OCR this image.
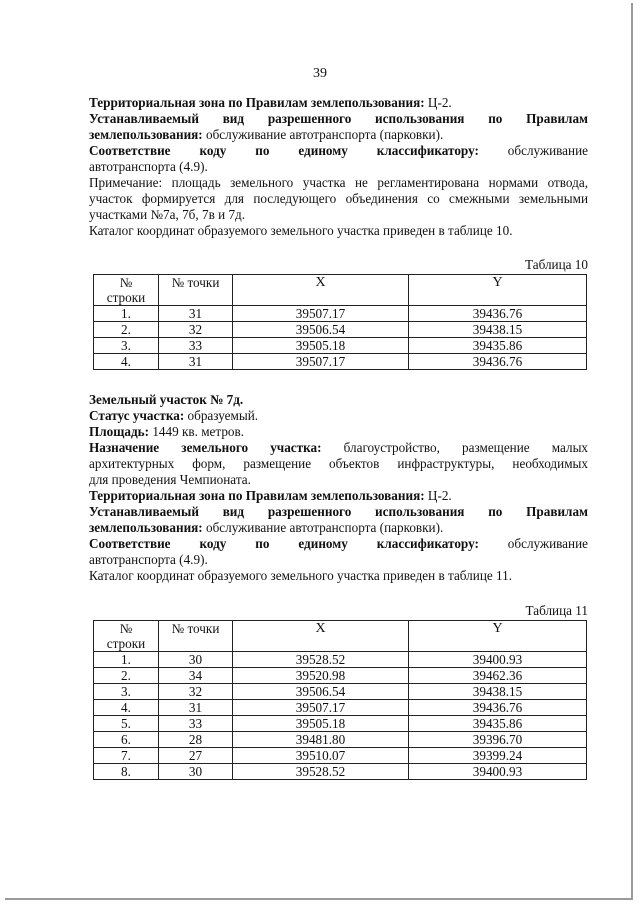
39

Территориальная зона по Правилам землепользования: Ц-2.

Устанавливаемый вид разрешенного использования по Правилам

землепользования: обслуживание автотранспорта (парковки).

Соответствие коду по единому классификатору: обслуживание

автотранспорта (4.9).

Примечание: площадь земельного участка не регламентирована нормами отвода,

участок формируется для последующего объединения со смежными земельными

участками №7а, 7б, 7в и 7д.

Каталог координат образуемого земельного участка приведен в таблице 10.

Таблица 10
№
строки	№ точки	X	Y
1.	31	39507.17	39436.76
2.	32	39506.54	39438.15
3.	33	39505.18	39435.86
4.	31	39507.17	39436.76

Земельный участок № 7д.

Статус участка: образуемый.

Площадь: 1449 кв. метров.

Назначение земельного участка: благоустройство, размещение малых

архитектурных форм, размещение объектов инфраструктуры, необходимых

для проведения Чемпионата.

Территориальная зона по Правилам землепользования: Ц-2.

Устанавливаемый вид разрешенного использования по Правилам

землепользования: обслуживание автотранспорта (парковки).

Соответствие коду по единому классификатору: обслуживание

автотранспорта (4.9).

Каталог координат образуемого земельного участка приведен в таблице 11.

Таблица 11
№
строки	№ точки	X	Y
1.	30	39528.52	39400.93
2.	34	39520.98	39462.36
3.	32	39506.54	39438.15
4.	31	39507.17	39436.76
5.	33	39505.18	39435.86
6.	28	39481.80	39396.70
7.	27	39510.07	39399.24
8.	30	39528.52	39400.93
